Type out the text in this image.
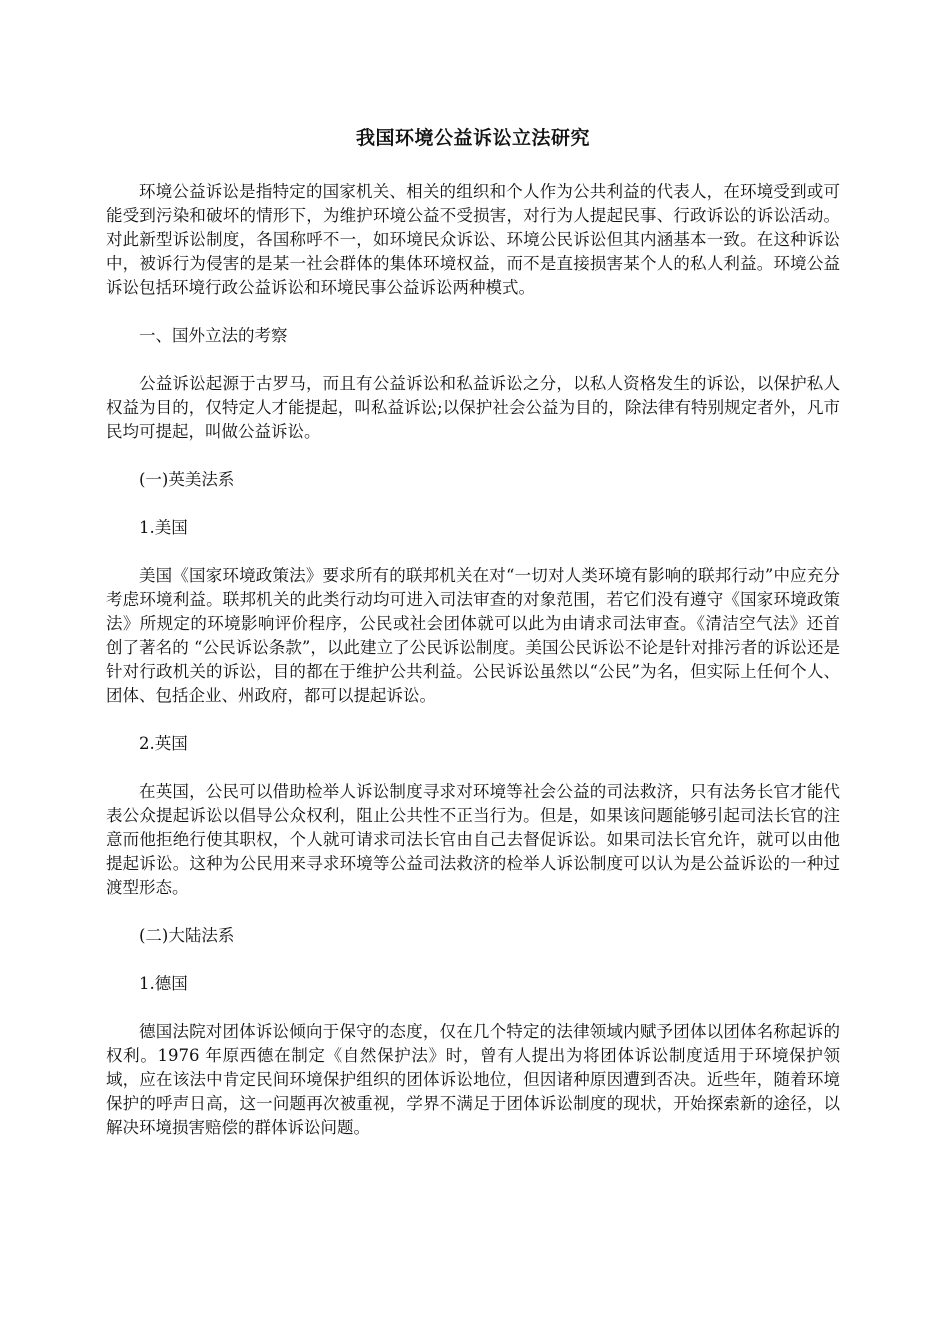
我国环境公益诉讼立法研究

环境公益诉讼是指特定的国家机关、相关的组织和个人作为公共利益的代表人，在环境受到或可能受到污染和破坏的情形下，为维护环境公益不受损害，对行为人提起民事、行政诉讼的诉讼活动。对此新型诉讼制度，各国称呼不一，如环境民众诉讼、环境公民诉讼但其内涵基本一致。在这种诉讼中，被诉行为侵害的是某一社会群体的集体环境权益，而不是直接损害某个人的私人利益。环境公益诉讼包括环境行政公益诉讼和环境民事公益诉讼两种模式。

一、国外立法的考察

公益诉讼起源于古罗马，而且有公益诉讼和私益诉讼之分，以私人资格发生的诉讼，以保护私人权益为目的，仅特定人才能提起，叫私益诉讼;以保护社会公益为目的，除法律有特别规定者外，凡市民均可提起，叫做公益诉讼。

(一)英美法系

1.美国

美国《国家环境政策法》要求所有的联邦机关在对“一切对人类环境有影响的联邦行动”中应充分考虑环境利益。联邦机关的此类行动均可进入司法审查的对象范围，若它们没有遵守《国家环境政策法》所规定的环境影响评价程序，公民或社会团体就可以此为由请求司法审查。《清洁空气法》还首创了著名的 “公民诉讼条款”，以此建立了公民诉讼制度。美国公民诉讼不论是针对排污者的诉讼还是针对行政机关的诉讼，目的都在于维护公共利益。公民诉讼虽然以“公民”为名，但实际上任何个人、团体、包括企业、州政府，都可以提起诉讼。

2.英国

在英国，公民可以借助检举人诉讼制度寻求对环境等社会公益的司法救济，只有法务长官才能代表公众提起诉讼以倡导公众权利，阻止公共性不正当行为。但是，如果该问题能够引起司法长官的注意而他拒绝行使其职权，个人就可请求司法长官由自己去督促诉讼。如果司法长官允许，就可以由他提起诉讼。这种为公民用来寻求环境等公益司法救济的检举人诉讼制度可以认为是公益诉讼的一种过渡型形态。

(二)大陆法系

1.德国

德国法院对团体诉讼倾向于保守的态度，仅在几个特定的法律领域内赋予团体以团体名称起诉的权利。1976 年原西德在制定《自然保护法》时，曾有人提出为将团体诉讼制度适用于环境保护领域，应在该法中肯定民间环境保护组织的团体诉讼地位，但因诸种原因遭到否决。近些年，随着环境保护的呼声日高，这一问题再次被重视，学界不满足于团体诉讼制度的现状，开始探索新的途径，以解决环境损害赔偿的群体诉讼问题。
